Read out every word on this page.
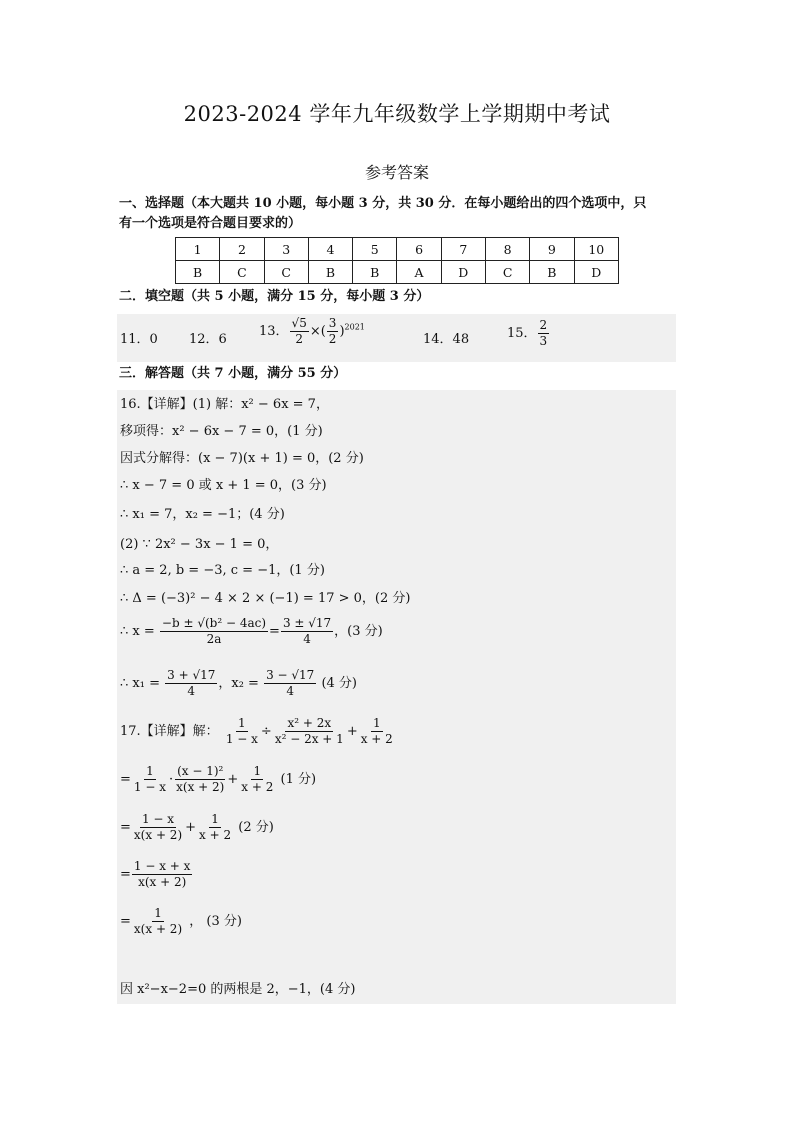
2023-2024 学年九年级数学上学期期中考试
参考答案
一、选择题（本大题共 10 小题，每小题 3 分，共 30 分．在每小题给出的四个选项中，只
有一个选项是符合题目要求的）
1	2	3	4	5	6	7	8	9	10
B	C	C	B	B	A	D	C	B	D
二．填空题（共 5 小题，满分 15 分，每小题 3 分）
11．0 12．6
13． $\frac{√5}{2}$ ×( $\frac{3}{2} )^{2021}$
14．48	15． $\frac{2}{3}$
三．解答题（共 7 小题，满分 55 分）
16.【详解】(1) 解：x² − 6x = 7，
移项得：x² − 6x − 7 = 0，(1 分)
因式分解得：(x − 7)(x + 1) = 0，(2 分)
∴ x − 7 = 0 或 x + 1 = 0，(3 分)
∴ x₁ = 7，x₂ = −1；(4 分)
(2) ∵ 2x² − 3x − 1 = 0，
∴ a = 2, b = −3, c = −1，(1 分)
∴ Δ = (−3)² − 4 × 2 × (−1) = 17 > 0，(2 分)
∴ $x = \frac{\text{−b ± √(b² − 4ac)}}{2a} = \frac{3 \pm √17}{4}$ ，(3 分)
∴ $x_1 = \frac{3 + √17}{4}$ ，$x_2 = \frac{3 - √17}{4} (4$ 分)
17.【详解】解： $\frac{1}{1 - x} \div \frac{\text{x² + 2x}}{\text{x² − 2x + 1}} + \frac{1}{x + 2}$
= $\frac{1}{1 - x} \cdot \frac{\text{(x − 1)²}}{x(x + 2)} + \frac{1}{x + 2} (1$ 分)
= $\frac{1 - x}{x(x + 2)} + \frac{1}{x + 2} (2$ 分)
= $\frac{1 - x + x}{x(x + 2)}$
= $\frac{1}{x(x + 2)}$ ， (3 分)
因 x²−x−2=0 的两根是 2，−1，(4 分)
